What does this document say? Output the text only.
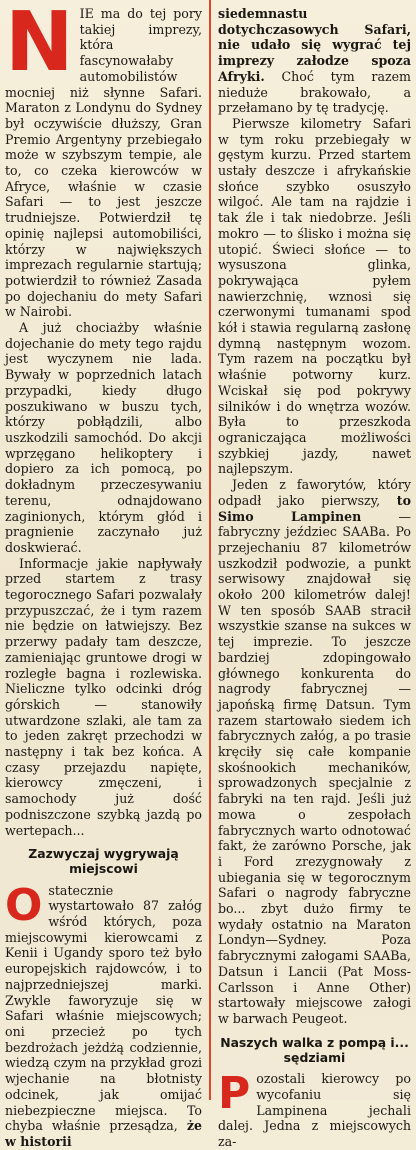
NIE ma do tej pory takiej imprezy, która fascynowałaby automobilistów mocniej niż słynne Safari. Maraton z Londynu do Sydney był oczywiście dłuższy, Gran Premio Argentyny przebiegało może w szybszym tempie, ale to, co czeka kierowców w Afryce, właśnie w czasie Safari — to jest jeszcze trudniejsze. Potwierdził tę opinię najlepsi automobiliści, którzy w największych imprezach regularnie startują; potwierdził to również Zasada po dojechaniu do mety Safari w Nairobi.

A już chociażby właśnie dojechanie do mety tego rajdu jest wyczynem nie lada. Bywały w poprzednich latach przypadki, kiedy długo poszukiwano w buszu tych, którzy pobłądzili, albo uszkodzili samochód. Do akcji wprzęgano helikoptery i dopiero za ich pomocą, po dokładnym przeczesywaniu terenu, odnajdowano zaginionych, którym głód i pragnienie zaczynało już doskwierać.

Informacje jakie napływały przed startem z trasy tegorocznego Safari pozwalały przypuszczać, że i tym razem nie będzie on łatwiejszy. Bez przerwy padały tam deszcze, zamieniając gruntowe drogi w rozległe bagna i rozlewiska. Nieliczne tylko odcinki dróg górskich — stanowiły utwardzone szlaki, ale tam za to jeden zakręt przechodzi w następny i tak bez końca. A czasy przejazdu napięte, kierowcy zmęczeni, i samochody już dość podniszczone szybką jazdą po wertepach...

Zazwyczaj wygrywają miejscowi

Ostatecznie wystartowało 87 załóg wśród których, poza miejscowymi kierowcami z Kenii i Ugandy sporo też było europejskich rajdowców, i to najprzedniejszej marki. Zwykle faworyzuje się w Safari właśnie miejscowych; oni przecież po tych bezdrożach jeżdżą codziennie, wiedzą czym na przykład grozi wjechanie na błotnisty odcinek, jak omijać niebezpieczne miejsca. To chyba właśnie przesądza, że w historii

siedemnastu dotychczasowych Safari, nie udało się wygrać tej imprezy załodze spoza Afryki. Choć tym razem nieduże brakowało, a przełamano by tę tradycję.

Pierwsze kilometry Safari w tym roku przebiegały w gęstym kurzu. Przed startem ustały deszcze i afrykańskie słońce szybko osuszyło wilgoć. Ale tam na rajdzie i tak źle i tak niedobrze. Jeśli mokro — to ślisko i można się utopić. Świeci słońce — to wysuszona glinka, pokrywająca pyłem nawierzchnię, wznosi się czerwonymi tumanami spod kół i stawia regularną zasłonę dymną następnym wozom. Tym razem na początku był właśnie potworny kurz. Wciskał się pod pokrywy silników i do wnętrza wozów. Była to przeszkoda ograniczająca możliwości szybkiej jazdy, nawet najlepszym.

Jeden z faworytów, który odpadł jako pierwszy, to Simo Lampinen — fabryczny jeździec SAABa. Po przejechaniu 87 kilometrów uszkodził podwozie, a punkt serwisowy znajdował się około 200 kilometrów dalej! W ten sposób SAAB stracił wszystkie szanse na sukces w tej imprezie. To jeszcze bardziej zdopingowało głównego konkurenta do nagrody fabrycznej — japońską firmę Datsun. Tym razem startowało siedem ich fabrycznych załóg, a po trasie kręciły się całe kompanie skośnookich mechaników, sprowadzonych specjalnie z fabryki na ten rajd. Jeśli już mowa o zespołach fabrycznych warto odnotować fakt, że zarówno Porsche, jak i Ford zrezygnowały z ubiegania się w tegorocznym Safari o nagrody fabryczne bo... zbyt dużo firmy te wydały ostatnio na Maraton Londyn—Sydney. Poza fabrycznymi załogami SAABa, Datsun i Lancii (Pat Moss-Carlsson i Anne Other) startowały miejscowe załogi w barwach Peugeot.

Naszych walka z pompą i... sędziami

Pozostali kierowcy po wycofaniu się Lampinena jechali dalej. Jedna z miejscowych za-
